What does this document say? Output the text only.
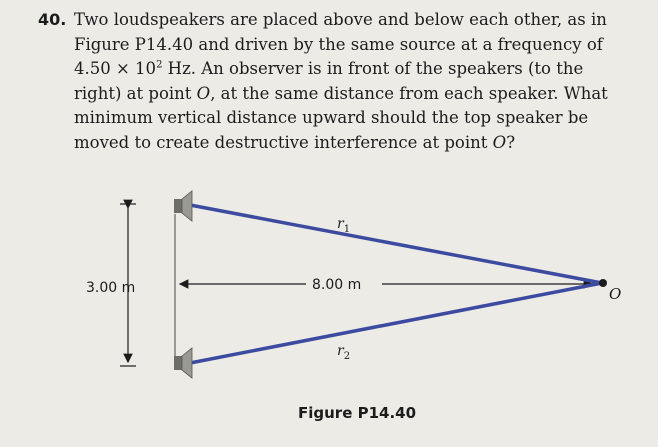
40. Two loudspeakers are placed above and below each other, as in
Figure P14.40 and driven by the same source at a frequency of
$4.50 \times 10^2$ Hz. An observer is in front of the speakers (to the
right) at point O, at the same distance from each speaker. What
minimum vertical distance upward should the top speaker be
moved to create destructive interference at point O?
3.00 m	8.00 m
$r_1$
$r_2$
O
Figure P14.40
